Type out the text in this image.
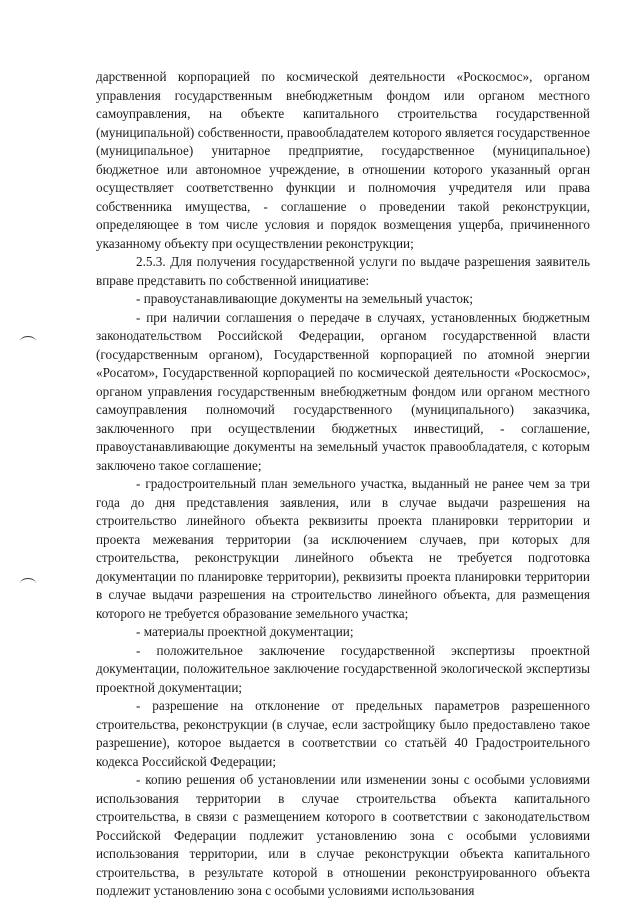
дарственной корпорацией по космической деятельности «Роскосмос», органом управления государственным внебюджетным фондом или органом местного самоуправления, на объекте капитального строительства государственной (муниципальной) собственности, правообладателем которого является государственное (муниципальное) унитарное предприятие, государственное (муниципальное) бюджетное или автономное учреждение, в отношении которого указанный орган осуществляет соответственно функции и полномочия учредителя или права собственника имущества, - соглашение о проведении такой реконструкции, определяющее в том числе условия и порядок возмещения ущерба, причиненного указанному объекту при осуществлении реконструкции;

2.5.3. Для получения государственной услуги по выдаче разрешения заявитель вправе представить по собственной инициативе:

- правоустанавливающие документы на земельный участок;

- при наличии соглашения о передаче в случаях, установленных бюджетным законодательством Российской Федерации, органом государственной власти (государственным органом), Государственной корпорацией по атомной энергии «Росатом», Государственной корпорацией по космической деятельности «Роскосмос», органом управления государственным внебюджетным фондом или органом местного самоуправления полномочий государственного (муниципального) заказчика, заключенного при осуществлении бюджетных инвестиций, - соглашение, правоустанавливающие документы на земельный участок правообладателя, с которым заключено такое соглашение;

- градостроительный план земельного участка, выданный не ранее чем за три года до дня представления заявления, или в случае выдачи разрешения на строительство линейного объекта реквизиты проекта планировки территории и проекта межевания территории (за исключением случаев, при которых для строительства, реконструкции линейного объекта не требуется подготовка документации по планировке территории), реквизиты проекта планировки территории в случае выдачи разрешения на строительство линейного объекта, для размещения которого не требуется образование земельного участка;

- материалы проектной документации;

- положительное заключение государственной экспертизы проектной документации, положительное заключение государственной экологической экспертизы проектной документации;

- разрешение на отклонение от предельных параметров разрешенного строительства, реконструкции (в случае, если застройщику было предоставлено такое разрешение), которое выдается в соответствии со статьёй 40 Градостроительного кодекса Российской Федерации;

- копию решения об установлении или изменении зоны с особыми условиями использования территории в случае строительства объекта капитального строительства, в связи с размещением которого в соответствии с законодательством Российской Федерации подлежит установлению зона с особыми условиями использования территории, или в случае реконструкции объекта капитального строительства, в результате которой в отношении реконструированного объекта подлежит установлению зона с особыми условиями использования
